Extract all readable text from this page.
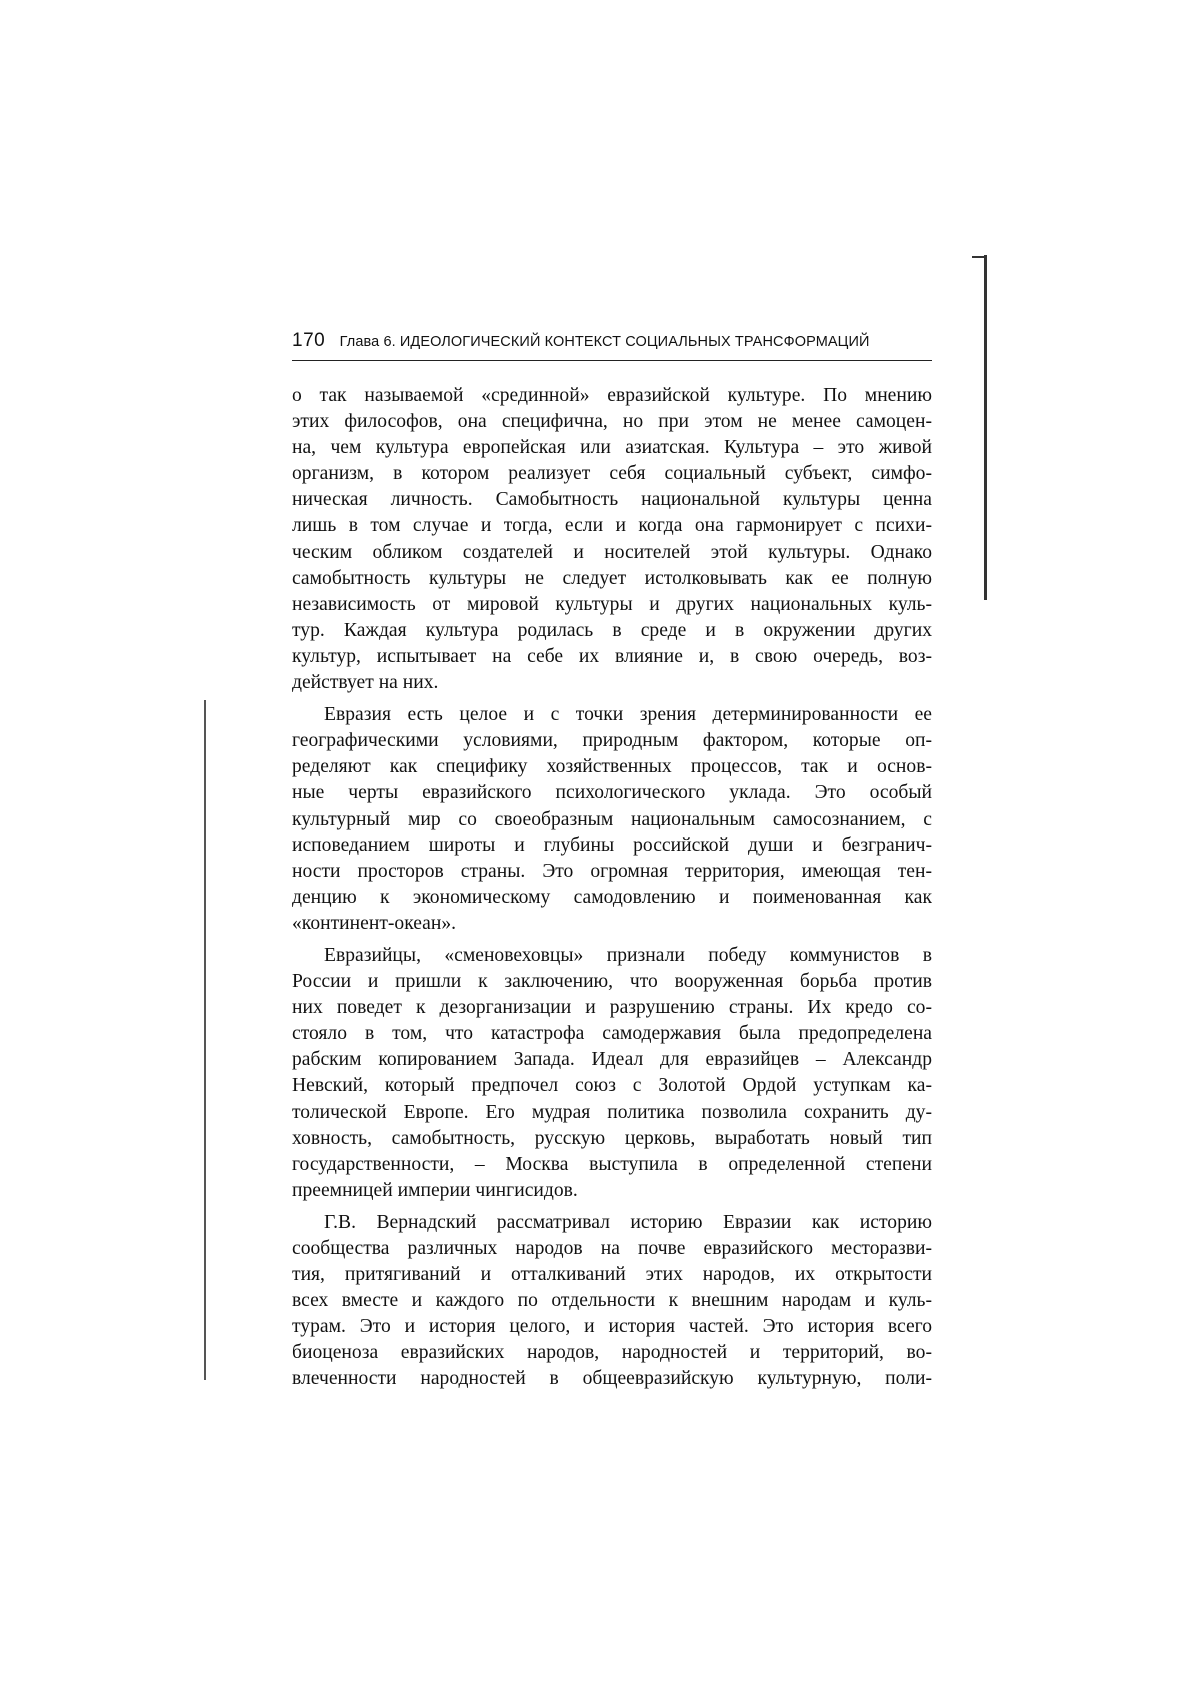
170 Глава 6. ИДЕОЛОГИЧЕСКИЙ КОНТЕКСТ СОЦИАЛЬНЫХ ТРАНСФОРМАЦИЙ
о так называемой «срединной» евразийской культуре. По мнению
этих философов, она специфична, но при этом не менее самоцен-
на, чем культура европейская или азиатская. Культура – это живой
организм, в котором реализует себя социальный субъект, симфо-
ническая личность. Самобытность национальной культуры ценна
лишь в том случае и тогда, если и когда она гармонирует с психи-
ческим обликом создателей и носителей этой культуры. Однако
самобытность культуры не следует истолковывать как ее полную
независимость от мировой культуры и других национальных куль-
тур. Каждая культура родилась в среде и в окружении других
культур, испытывает на себе их влияние и, в свою очередь, воз-
действует на них.
Евразия есть целое и с точки зрения детерминированности ее
географическими условиями, природным фактором, которые оп-
ределяют как специфику хозяйственных процессов, так и основ-
ные черты евразийского психологического уклада. Это особый
культурный мир со своеобразным национальным самосознанием, с
исповеданием широты и глубины российской души и безгранич-
ности просторов страны. Это огромная территория, имеющая тен-
денцию к экономическому самодовлению и поименованная как
«континент-океан».
Евразийцы, «сменовеховцы» признали победу коммунистов в
России и пришли к заключению, что вооруженная борьба против
них поведет к дезорганизации и разрушению страны. Их кредо со-
стояло в том, что катастрофа самодержавия была предопределена
рабским копированием Запада. Идеал для евразийцев – Александр
Невский, который предпочел союз с Золотой Ордой уступкам ка-
толической Европе. Его мудрая политика позволила сохранить ду-
ховность, самобытность, русскую церковь, выработать новый тип
государственности, – Москва выступила в определенной степени
преемницей империи чингисидов.
Г.В. Вернадский рассматривал историю Евразии как историю
сообщества различных народов на почве евразийского месторазви-
тия, притягиваний и отталкиваний этих народов, их открытости
всех вместе и каждого по отдельности к внешним народам и куль-
турам. Это и история целого, и история частей. Это история всего
биоценоза евразийских народов, народностей и территорий, во-
влеченности народностей в общеевразийскую культурную, поли-
